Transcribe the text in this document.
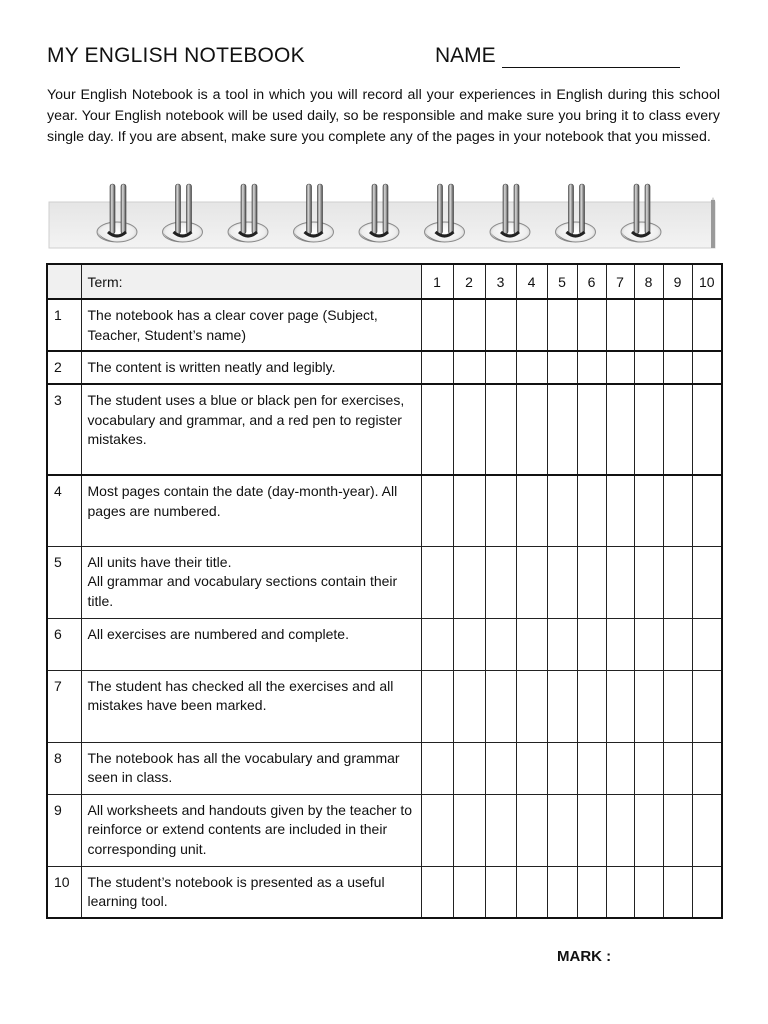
MY ENGLISH NOTEBOOK	NAME

Your English Notebook is a tool in which you will record all your experiences in English during this school year. Your English notebook will be used daily, so be responsible and make sure you bring it to class every single day. If you are absent, make sure you complete any of the pages in your notebook that you missed.

	Term:	1	2	3	4	5	6	7	8	9	10
1	The notebook has a clear cover page (Subject, Teacher, Student’s name)										
2	The content is written neatly and legibly.										
3	The student uses a blue or black pen for exercises, vocabulary and grammar, and a red pen to register mistakes.										
4	Most pages contain the date (day-month-year). All pages are numbered.										
5	All units have their title.
All grammar and vocabulary sections contain their title.										
6	All exercises are numbered and complete.										
7	The student has checked all the exercises and all mistakes have been marked.										
8	The notebook has all the vocabulary and grammar seen in class.										
9	All worksheets and handouts given by the teacher to reinforce or extend contents are included in their corresponding unit.										
10	The student’s notebook is presented as a useful learning tool.										
MARK :
